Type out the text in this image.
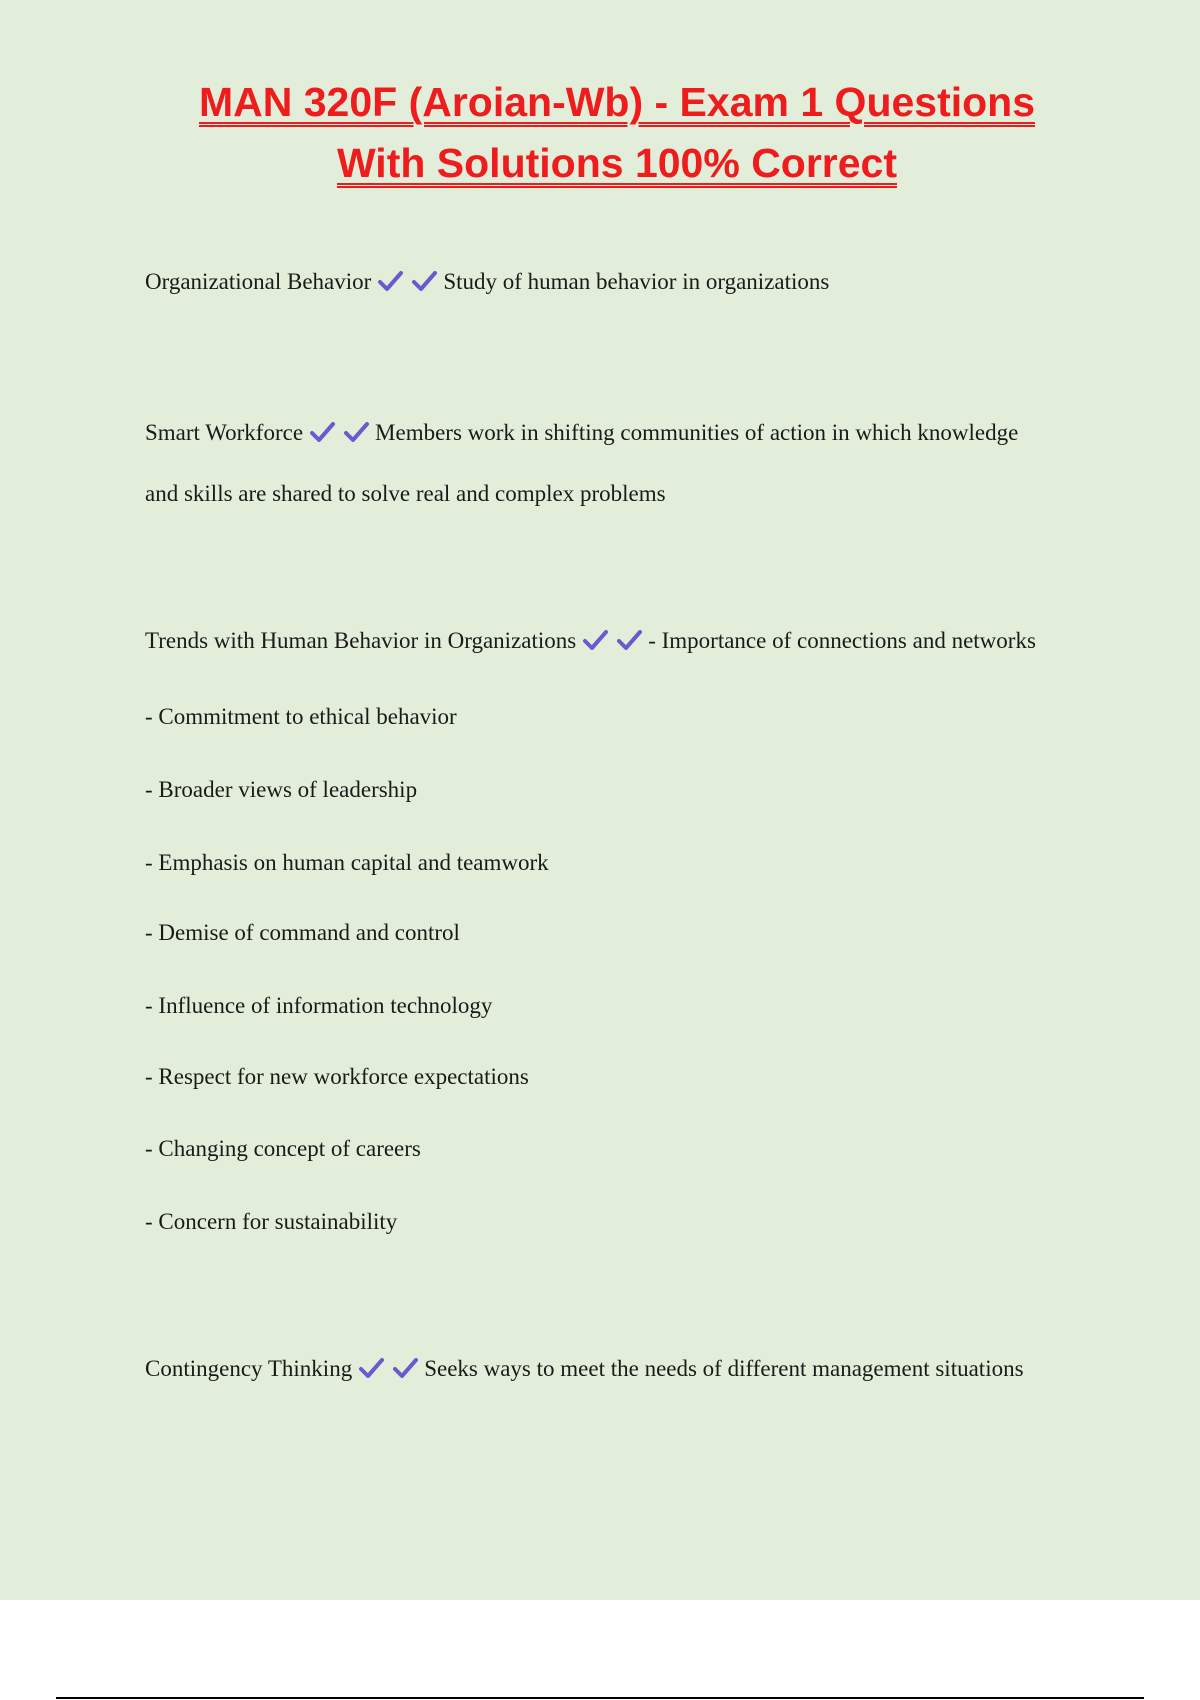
MAN 320F (Aroian-Wb) - Exam 1 Questions
With Solutions 100% Correct
Organizational Behavior	Study of human behavior in organizations
Smart Workforce	Members work in shifting communities of action in which knowledge
and skills are shared to solve real and complex problems
Trends with Human Behavior in Organizations	- Importance of connections and networks
- Commitment to ethical behavior
- Broader views of leadership
- Emphasis on human capital and teamwork
- Demise of command and control
- Influence of information technology
- Respect for new workforce expectations
- Changing concept of careers
- Concern for sustainability
Contingency Thinking	Seeks ways to meet the needs of different management situations
